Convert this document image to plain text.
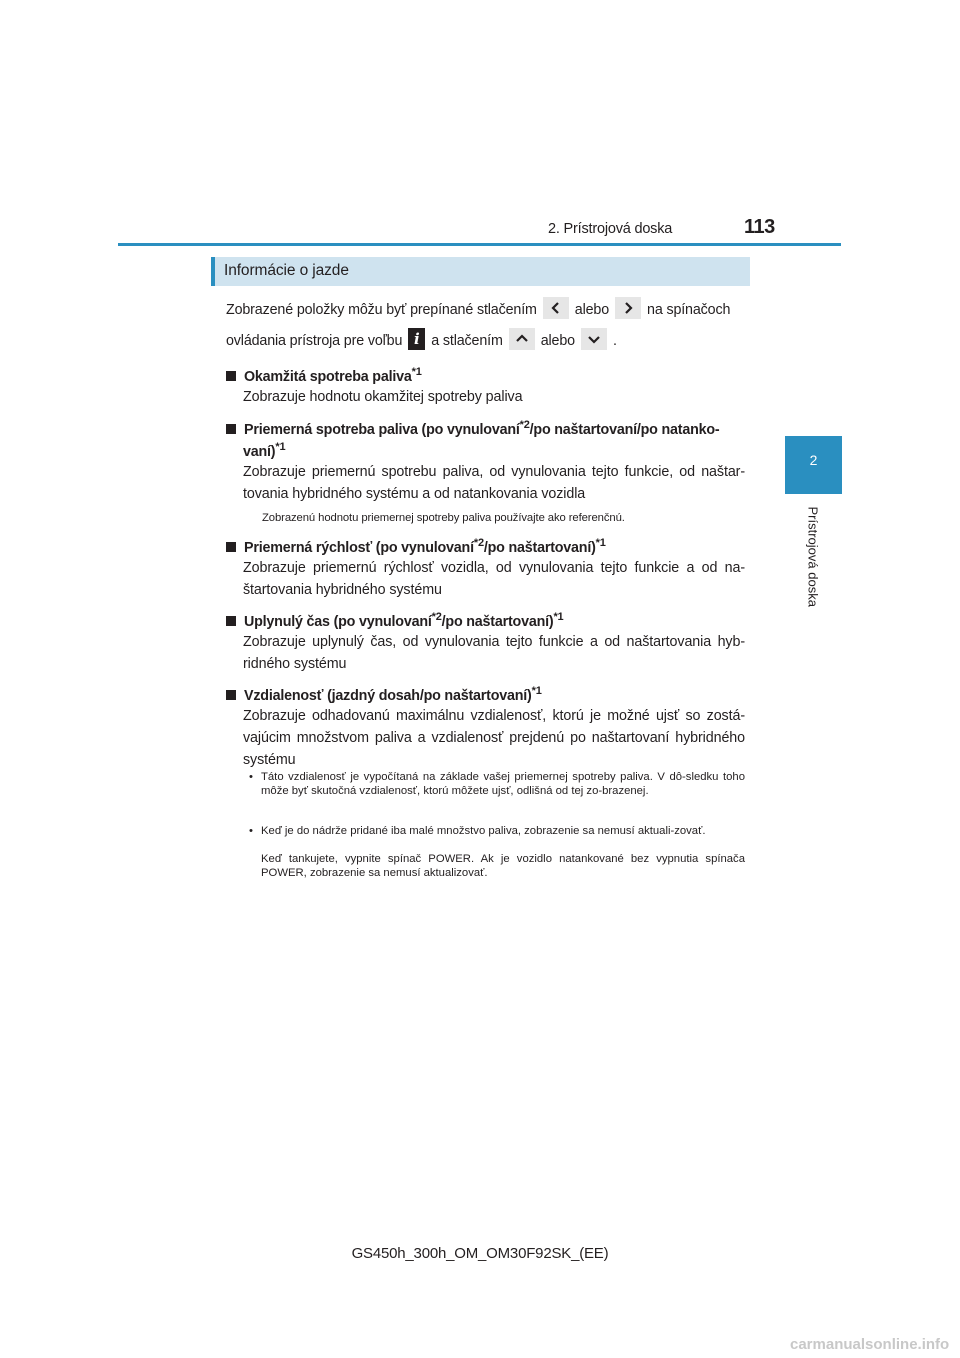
2. Prístrojová doska	113
2
Prístrojová doska
Informácie o jazde
Zobrazené položky môžu byť prepínané stlačením	alebo	na spínačoch
ovládania prístroja pre voľbu i a stlačením	alebo	.
Okamžitá spotreba paliva$^{*1}$
Zobrazuje hodnotu okamžitej spotreby paliva
Priemerná spotreba paliva (po vynulovaní$^{*2}$/po naštartovaní/po natanko-
vaní)$^{*1}$
Zobrazuje priemernú spotrebu paliva, od vynulovania tejto funkcie, od naštar-tovania hybridného systému a od natankovania vozidla
Zobrazenú hodnotu priemernej spotreby paliva používajte ako referenčnú.
Priemerná rýchlosť (po vynulovaní$^{*2}$/po naštartovaní)$^{*1}$
Zobrazuje priemernú rýchlosť vozidla, od vynulovania tejto funkcie a od na-štartovania hybridného systému
Uplynulý čas (po vynulovaní$^{*2}$/po naštartovaní)$^{*1}$
Zobrazuje uplynulý čas, od vynulovania tejto funkcie a od naštartovania hyb-ridného systému
Vzdialenosť (jazdný dosah/po naštartovaní)$^{*1}$
Zobrazuje odhadovanú maximálnu vzdialenosť, ktorú je možné ujsť so zostá-vajúcim množstvom paliva a vzdialenosť prejdenú po naštartovaní hybridného systému
• Táto vzdialenosť je vypočítaná na základe vašej priemernej spotreby paliva. V dô-sledku toho môže byť skutočná vzdialenosť, ktorú môžete ujsť, odlišná od tej zo-brazenej.
• Keď je do nádrže pridané iba malé množstvo paliva, zobrazenie sa nemusí aktuali-zovať.
Keď tankujete, vypnite spínač POWER. Ak je vozidlo natankované bez vypnutia spínača POWER, zobrazenie sa nemusí aktualizovať.
GS450h_300h_OM_OM30F92SK_(EE)
carmanualsonline.info
